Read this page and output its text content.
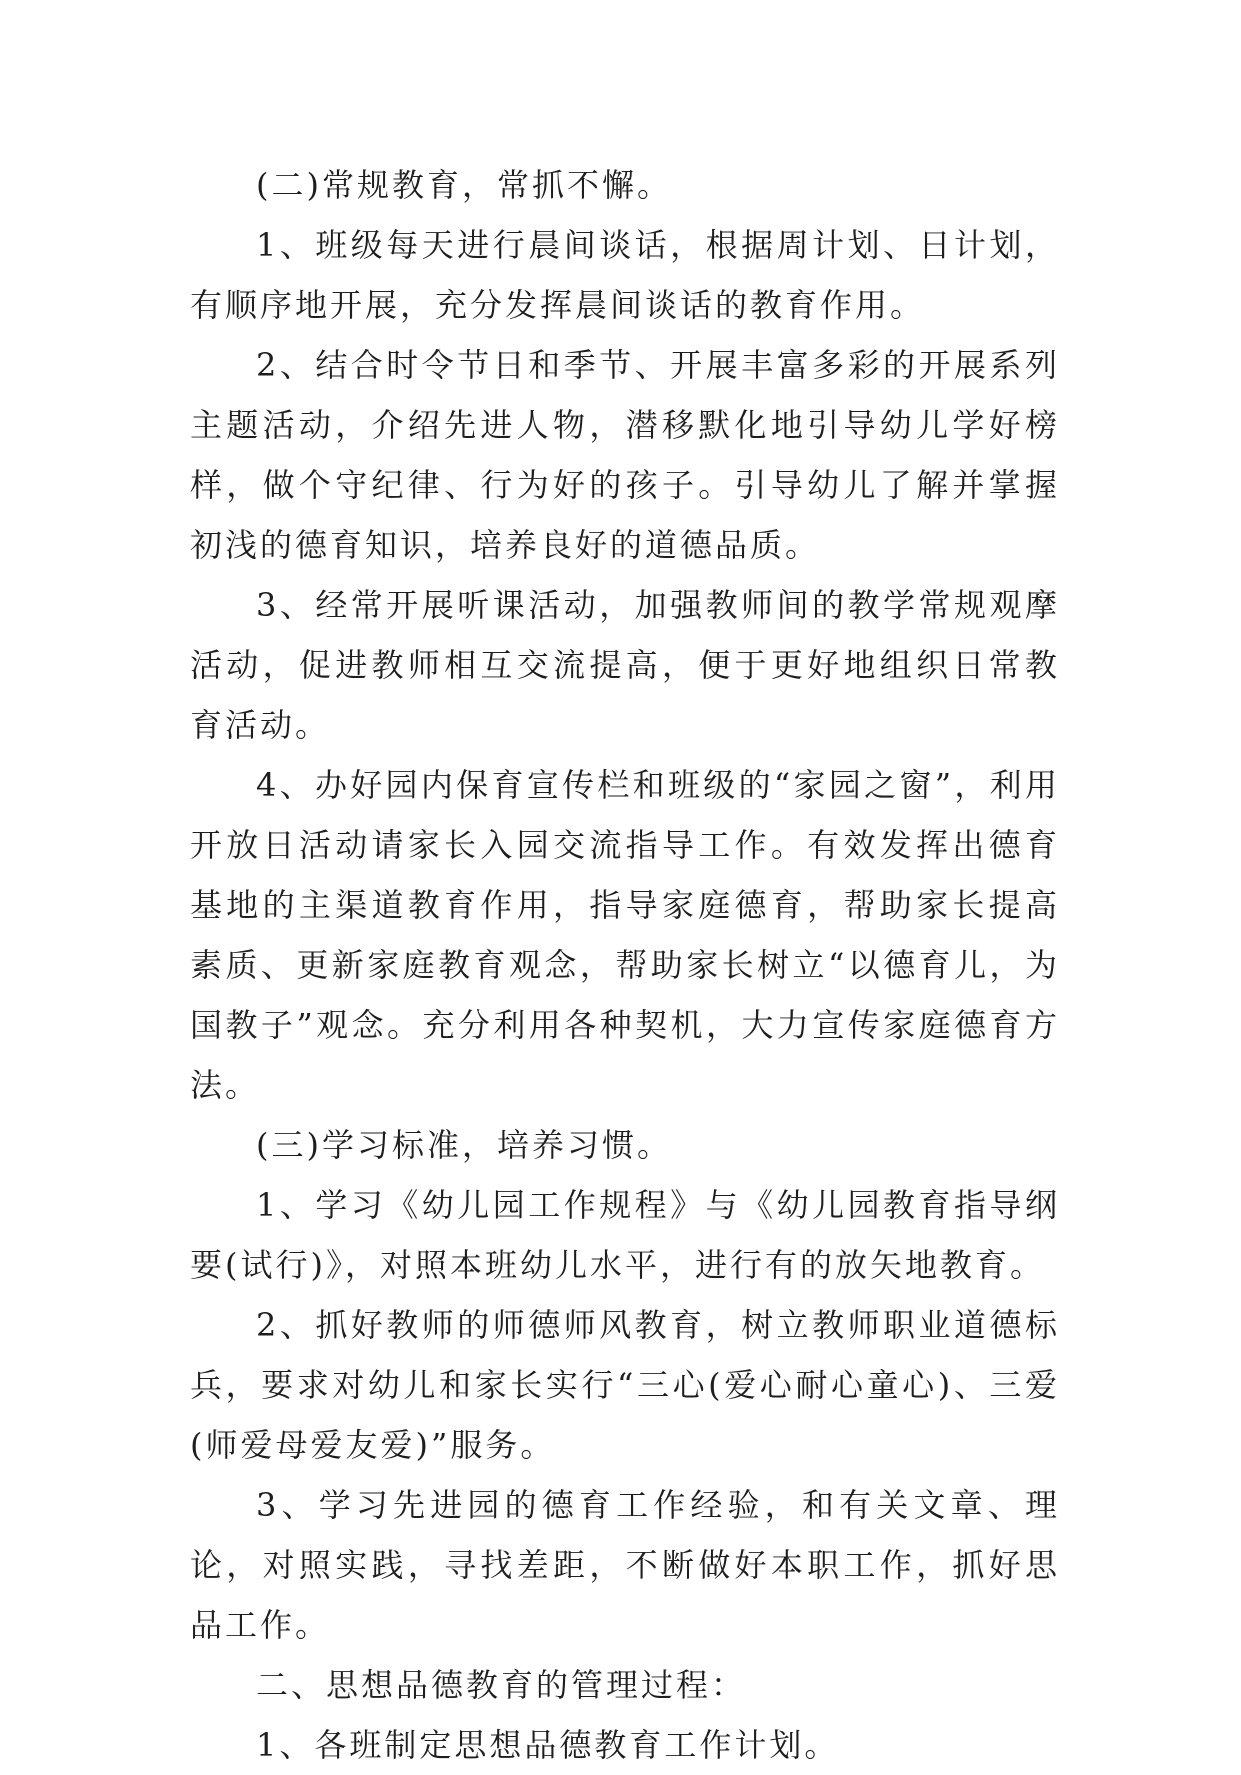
(二)常规教育，常抓不懈。

1、班级每天进行晨间谈话，根据周计划、日计划，有顺序地开展，充分发挥晨间谈话的教育作用。

2、结合时令节日和季节、开展丰富多彩的开展系列主题活动，介绍先进人物，潜移默化地引导幼儿学好榜样，做个守纪律、行为好的孩子。引导幼儿了解并掌握初浅的德育知识，培养良好的道德品质。

3、经常开展听课活动，加强教师间的教学常规观摩活动，促进教师相互交流提高，便于更好地组织日常教育活动。

4、办好园内保育宣传栏和班级的“家园之窗”，利用开放日活动请家长入园交流指导工作。有效发挥出德育基地的主渠道教育作用，指导家庭德育，帮助家长提高素质、更新家庭教育观念，帮助家长树立“以德育儿，为国教子”观念。充分利用各种契机，大力宣传家庭德育方法。

(三)学习标准，培养习惯。

1、学习《幼儿园工作规程》与《幼儿园教育指导纲要(试行)》，对照本班幼儿水平，进行有的放矢地教育。

2、抓好教师的师德师风教育，树立教师职业道德标兵，要求对幼儿和家长实行“三心(爱心耐心童心)、三爱(师爱母爱友爱)”服务。

3、学习先进园的德育工作经验，和有关文章、理论，对照实践，寻找差距，不断做好本职工作，抓好思品工作。

二、思想品德教育的管理过程：

1、各班制定思想品德教育工作计划。
